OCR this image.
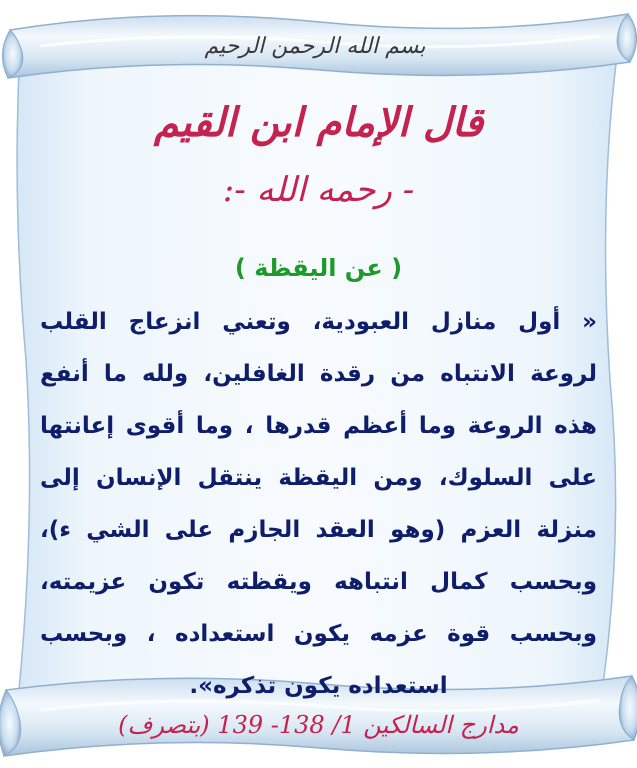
بسم الله الرحمن الرحيم
قال الإمام ابن القيم
- رحمه الله -:
( عن اليقظة )
« أول منازل العبودية، وتعني انزعاج القلب
لروعة الانتباه من رقدة الغافلين، ولله ما أنفع
هذه الروعة وما أعظم قدرها ، وما أقوى إعانتها
على السلوك، ومن اليقظة ينتقل الإنسان إلى
منزلة العزم (وهو العقد الجازم على الشي ء)،
وبحسب كمال انتباهه ويقظته تكون عزيمته،
وبحسب قوة عزمه يكون استعداده ، وبحسب
استعداده يكون تذكره».
مدارج السالكين 1/ 138- 139 (بتصرف)
